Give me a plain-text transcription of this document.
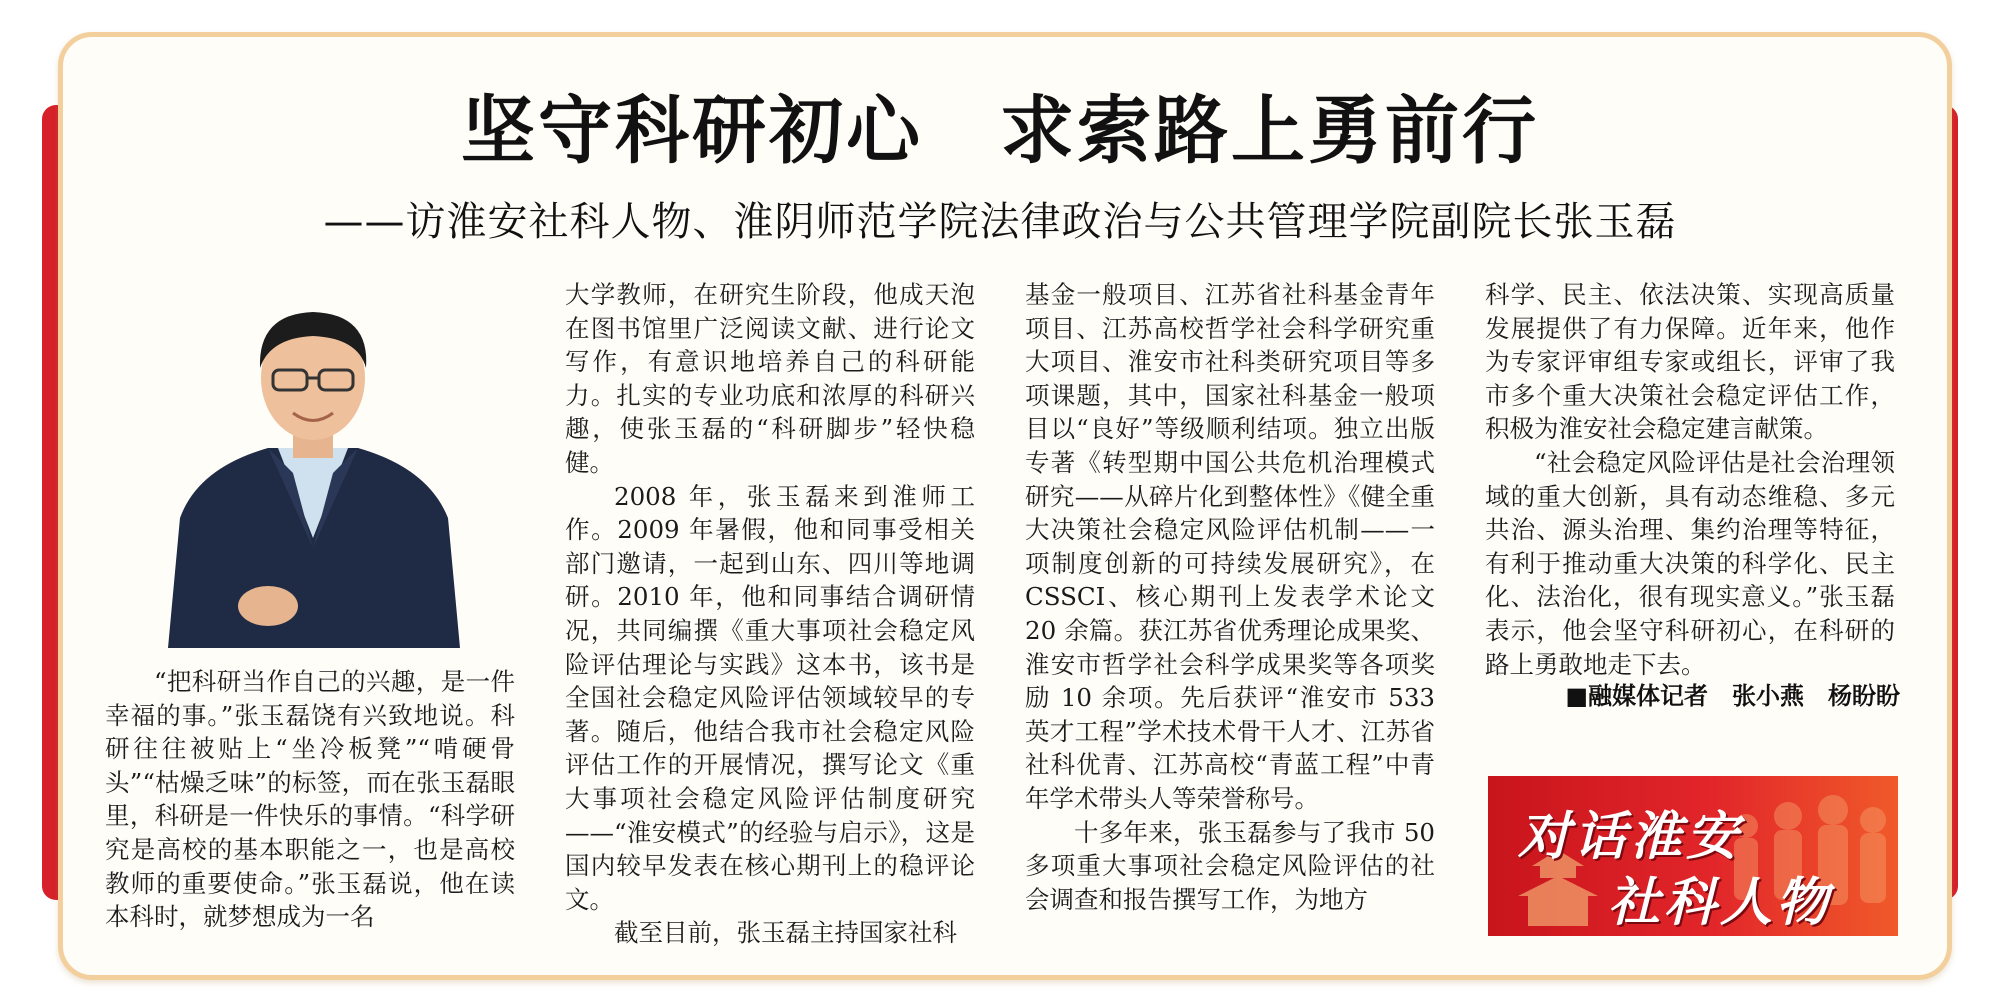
坚守科研初心　求索路上勇前行
——访淮安社科人物、淮阴师范学院法律政治与公共管理学院副院长张玉磊

“把科研当作自己的兴趣，是一件幸福的事。”张玉磊饶有兴致地说。科研往往被贴上“坐冷板凳”“啃硬骨头”“枯燥乏味”的标签，而在张玉磊眼里，科研是一件快乐的事情。“科学研究是高校的基本职能之一，也是高校教师的重要使命。”张玉磊说，他在读本科时，就梦想成为一名

大学教师，在研究生阶段，他成天泡在图书馆里广泛阅读文献、进行论文写作，有意识地培养自己的科研能力。扎实的专业功底和浓厚的科研兴趣，使张玉磊的“科研脚步”轻快稳健。

2008 年，张玉磊来到淮师工作。2009 年暑假，他和同事受相关部门邀请，一起到山东、四川等地调研。2010 年，他和同事结合调研情况，共同编撰《重大事项社会稳定风险评估理论与实践》这本书，该书是全国社会稳定风险评估领域较早的专著。随后，他结合我市社会稳定风险评估工作的开展情况，撰写论文《重大事项社会稳定风险评估制度研究——“淮安模式”的经验与启示》，这是国内较早发表在核心期刊上的稳评论文。

截至目前，张玉磊主持国家社科

基金一般项目、江苏省社科基金青年项目、江苏高校哲学社会科学研究重大项目、淮安市社科类研究项目等多项课题，其中，国家社科基金一般项目以“良好”等级顺利结项。独立出版专著《转型期中国公共危机治理模式研究——从碎片化到整体性》《健全重大决策社会稳定风险评估机制——一项制度创新的可持续发展研究》，在 CSSCI、核心期刊上发表学术论文 20 余篇。获江苏省优秀理论成果奖、淮安市哲学社会科学成果奖等各项奖励 10 余项。先后获评“淮安市 533 英才工程”学术技术骨干人才、江苏省社科优青、江苏高校“青蓝工程”中青年学术带头人等荣誉称号。

十多年来，张玉磊参与了我市 50 多项重大事项社会稳定风险评估的社会调查和报告撰写工作，为地方

科学、民主、依法决策、实现高质量发展提供了有力保障。近年来，他作为专家评审组专家或组长，评审了我市多个重大决策社会稳定评估工作，积极为淮安社会稳定建言献策。

“社会稳定风险评估是社会治理领域的重大创新，具有动态维稳、多元共治、源头治理、集约治理等特征，有利于推动重大决策的科学化、民主化、法治化，很有现实意义。”张玉磊表示，他会坚守科研初心，在科研的路上勇敢地走下去。

■融媒体记者　张小燕　杨盼盼
对话淮安
社科人物
